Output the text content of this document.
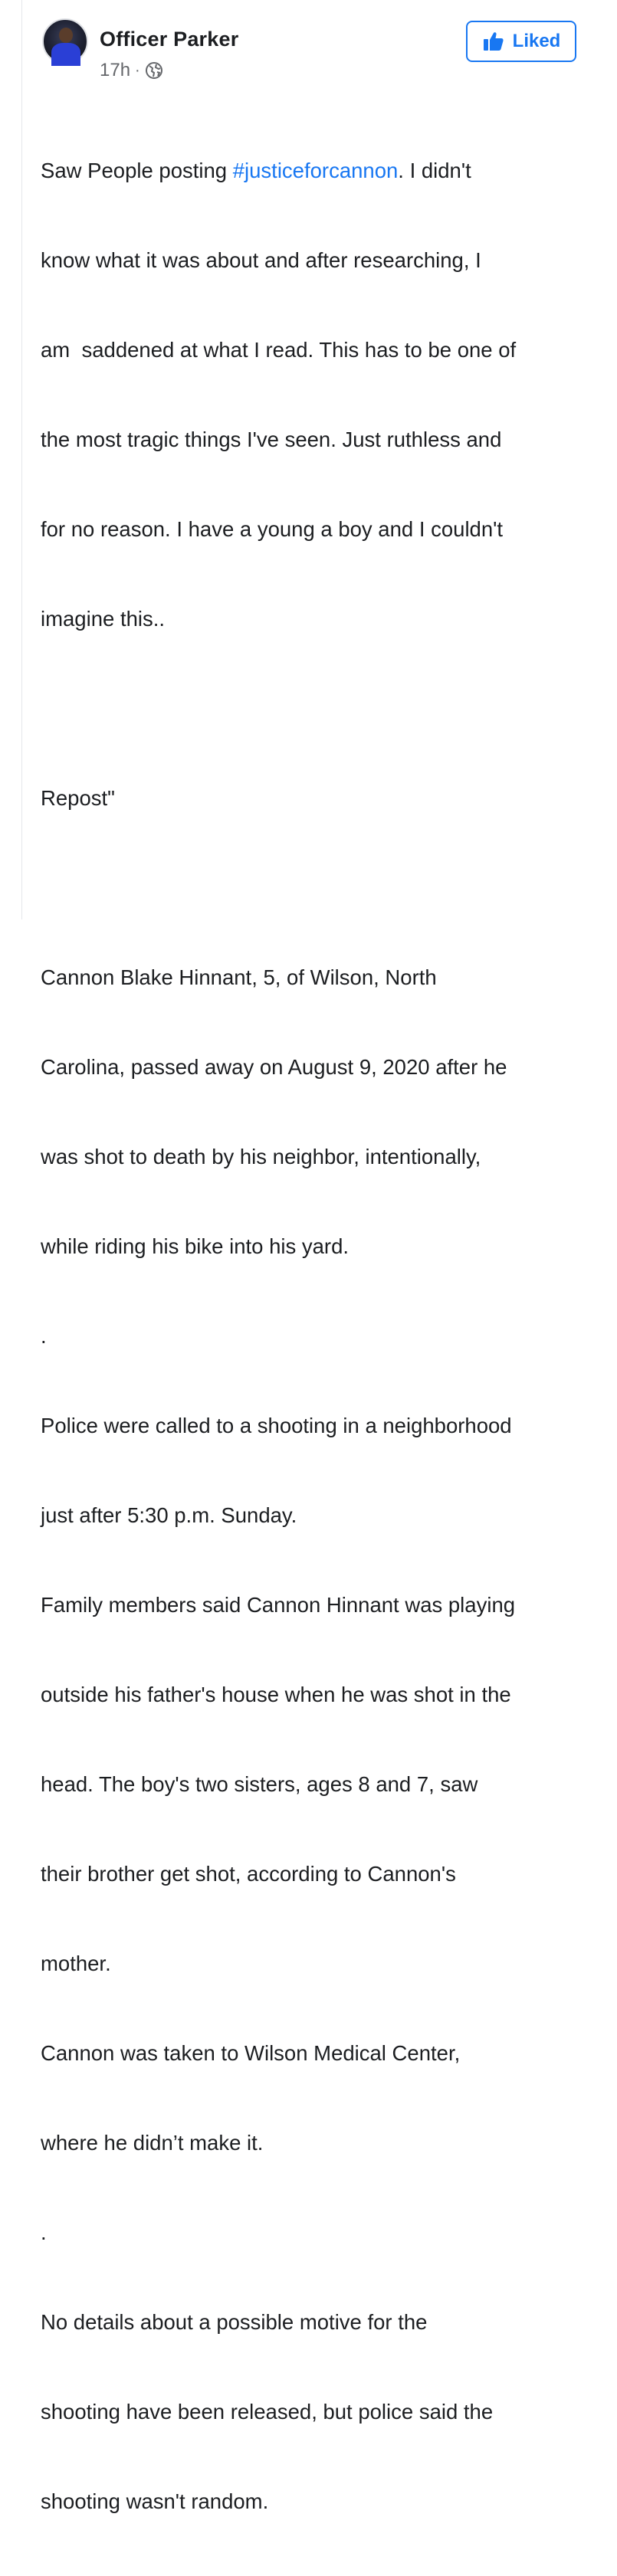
Officer Parker
17h ·
Liked

Saw People posting #justiceforcannon. I didn't

know what it was about and after researching, I

am  saddened at what I read. This has to be one of

the most tragic things I've seen. Just ruthless and

for no reason. I have a young a boy and I couldn't

imagine this..

Repost"

Cannon Blake Hinnant, 5, of Wilson, North

Carolina, passed away on August 9, 2020 after he

was shot to death by his neighbor, intentionally,

while riding his bike into his yard.

.

Police were called to a shooting in a neighborhood

just after 5:30 p.m. Sunday.

Family members said Cannon Hinnant was playing

outside his father's house when he was shot in the

head. The boy's two sisters, ages 8 and 7, saw

their brother get shot, according to Cannon's

mother.

Cannon was taken to Wilson Medical Center,

where he didn’t make it.

.

No details about a possible motive for the

shooting have been released, but police said the

shooting wasn't random.
